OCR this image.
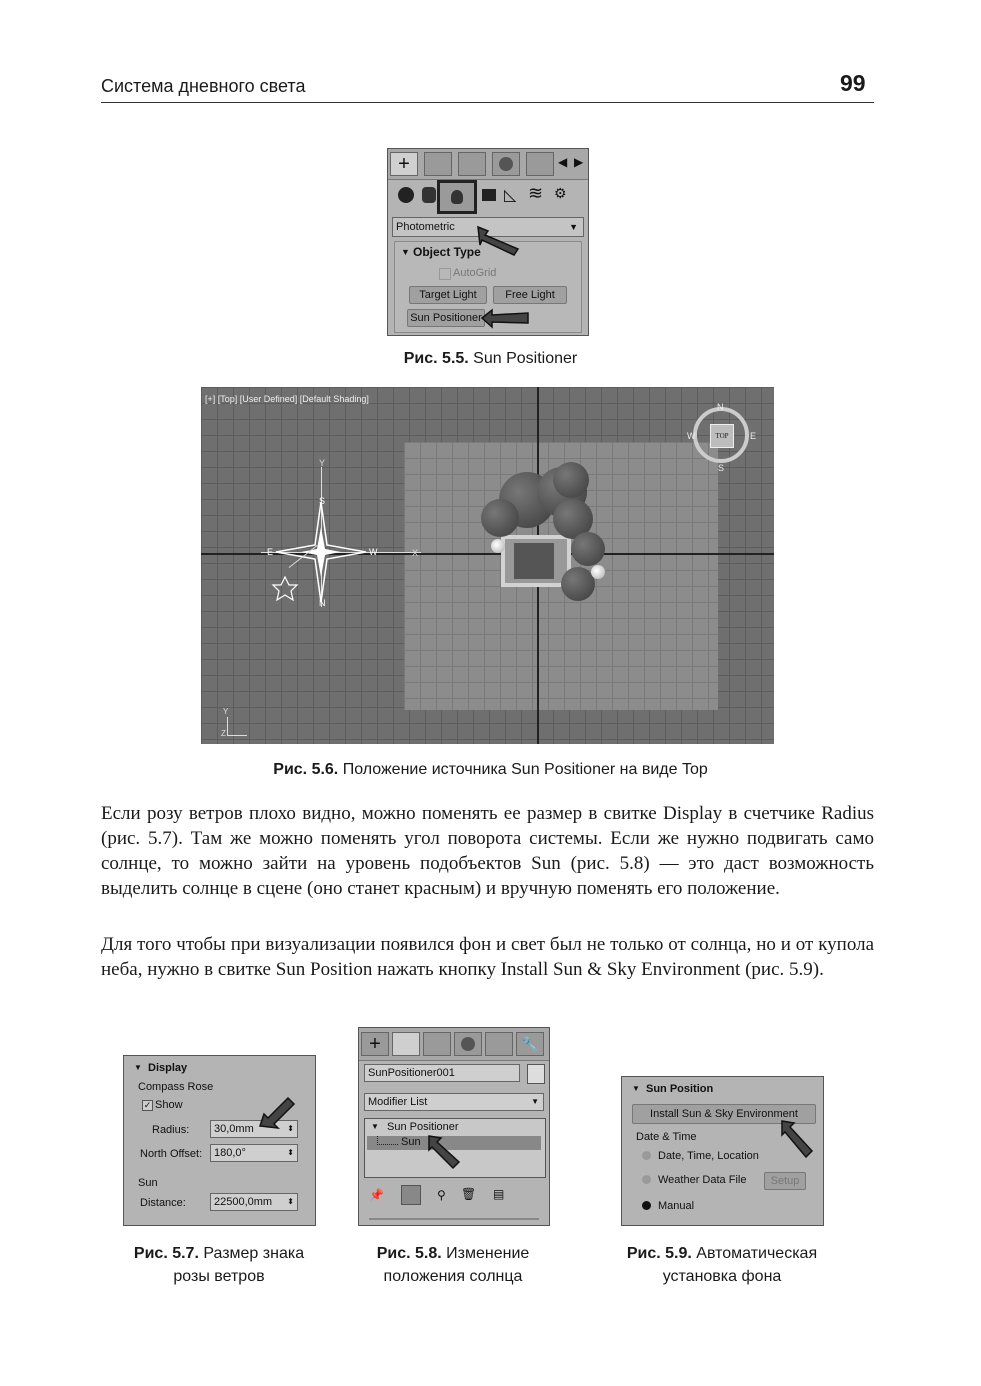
Система дневного света	99
+	◀ ▶
◺ ≋ ⚙
Photometric	▼
▼ Object Type
AutoGrid
Target Light	Free Light
Sun Positioner
Рис. 5.5. Sun Positioner
[+] [Top] [User Defined] [Default Shading]
TOP
N
S
E
W
S
E	W
N
Y
X
Y
Z
Рис. 5.6. Положение источника Sun Positioner на виде Top
Если розу ветров плохо видно, можно поменять ее размер в свитке Display в счетчике Radius (рис. 5.7). Там же можно поменять угол поворота системы. Если же нужно подвигать само солнце, то можно зайти на уровень подобъектов Sun (рис. 5.8) — это даст возможность выделить солнце в сцене (оно станет красным) и вручную поменять его положение.
Для того чтобы при визуализации появился фон и свет был не только от солнца, но и от купола неба, нужно в свитке Sun Position нажать кнопку Install Sun & Sky Environment (рис. 5.9).
▼ Display
Compass Rose
✓ Show
Radius:	30,0mm	⬍
North Offset:	180,0°	⬍
Sun
Distance:	22500,0mm ⬍
Рис. 5.7. Размер знака
розы ветров
+	🔧
SunPositioner001
Modifier List	▼
▼ Sun Positioner
Sun
📌	⚲ 🗑 ▤
Рис. 5.8. Изменение
положения солнца
▼ Sun Position
Install Sun & Sky Environment
Date & Time
Date, Time, Location
Weather Data File	Setup
Manual
Рис. 5.9. Автоматическая
установка фона
